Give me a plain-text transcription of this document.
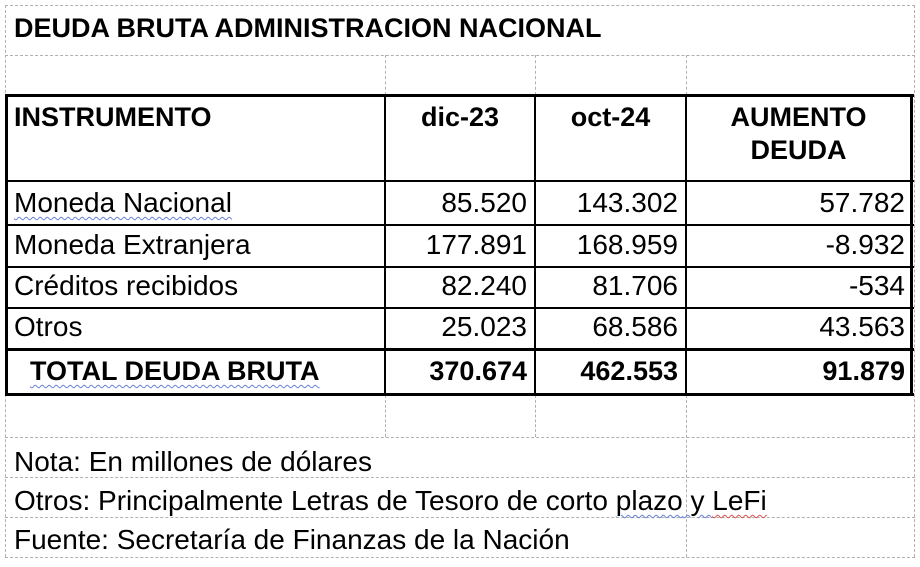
DEUDA BRUTA ADMINISTRACION NACIONAL
INSTRUMENTO	dic-23	oct-24	AUMENTO
DEUDA
Moneda Nacional	85.520	143.302	57.782
Moneda Extranjera	177.891	168.959	-8.932
Créditos recibidos	82.240	81.706	-534
Otros	25.023	68.586	43.563
TOTAL DEUDA BRUTA	370.674	462.553	91.879
Nota: En millones de dólares
Otros: Principalmente Letras de Tesoro de corto plazo y LeFi
Fuente: Secretaría de Finanzas de la Nación
